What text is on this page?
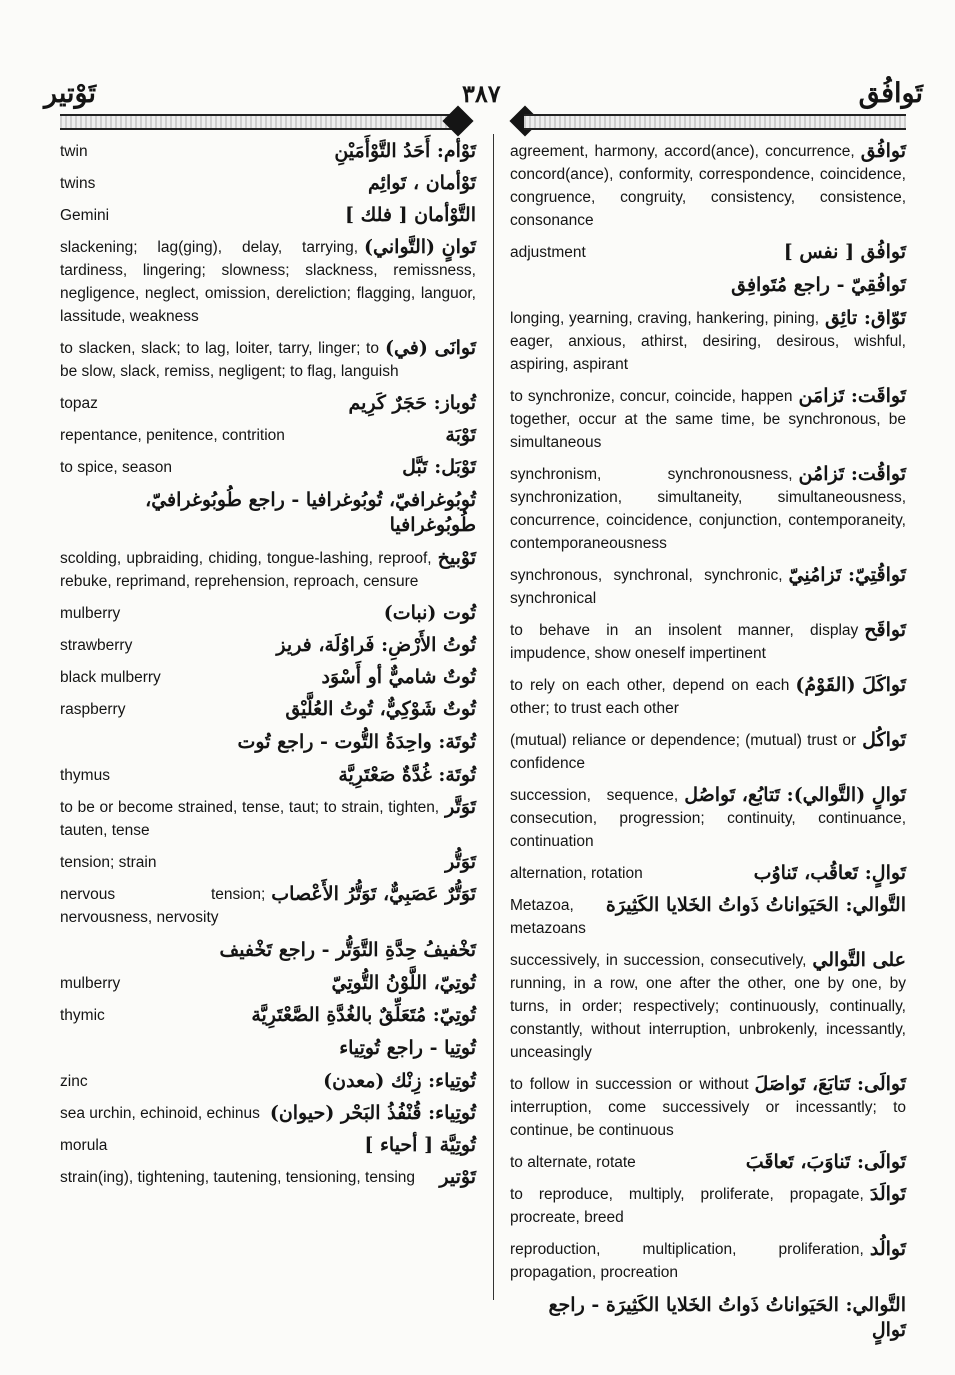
تَوْتير	٣٨٧	تَوافُق
تَوْأم: أَحَدُ التَّوْأَمَيْنِ
twin
تَوْأمان ، تَوائِم
twins
التَّوْأمان [ فلك ]
Gemini
تَوانٍ (التَّواني)
slackening; lag(ging), delay, tarrying, tardiness, lingering; slowness; slackness, remissness, negligence, neglect, omission, dereliction; flagging, languor, lassitude, weakness
تَوانَى (في)
to slacken, slack; to lag, loiter, tarry, linger; to be slow, slack, remiss, negligent; to flag, languish
تُوباز: حَجَرٌ كَرِيم
topaz
تَوْبَة
repentance, penitence, contrition
تَوْبَل: تَبَّل
to spice, season
تُوبُوغرافيّ، تُوبُوغرافيا - راجع طُوبُوغرافيّ، طُوبُوغرافيا
تَوْبيخ
scolding, upbraiding, chiding, tongue-lashing, reproof, rebuke, reprimand, reprehension, reproach, censure
تُوت (نبات)
mulberry
تُوتُ الأَرْضِ: فَراوُلَة، فريز
strawberry
تُوتٌ شاميٌّ أو أَسْوَد
black mulberry
تُوتٌ شَوْكِيٌّ، تُوتُ العُلَّيْق
raspberry
تُوتَة: واحِدَةُ التُّوت - راجع تُوت
تُوتَة: غُدَّةٌ صَعْتَرِيَّة
thymus
تَوَتَّر
to be or become strained, tense, taut; to strain, tighten, tauten, tense
تَوَتُّر
tension; strain
تَوَتُّرٌ عَصَبِيٌّ، تَوَتُّرُ الأَعْصاب
nervous tension; nervousness, nervosity
تَخْفيفُ حِدَّةِ التَّوَتُّر - راجع تَخْفيف
تُوتِيّ، اللَّوْنُ التُّوتِيّ
mulberry
تُوتِيّ: مُتَعَلِّقٌ بالغُدَّةِ الصَّعْتَرِيَّة
thymic
تُوتِيا - راجع تُوتِياء
تُوتِياء: زِنْك (معدن)
zinc
تُوتِياء: قُنْفُذُ البَحْر (حيوان)
sea urchin, echinoid, echinus
تُوتِيَّة [ أحياء ]
morula
تَوْتير
strain(ing), tightening, tautening, tensioning, tensing
تَوافُق
agreement, harmony, accord(ance), concurrence, concord(ance), conformity, correspondence, coincidence, congruence, congruity, consistency, consistence, consonance
تَوافُق [ نفس ]
adjustment
تَوافُقِيّ - راجع مُتَوافِق
تَوّاق: تائِق
longing, yearning, craving, hankering, pining, eager, anxious, athirst, desiring, desirous, wishful, aspiring, aspirant
تَواقَت: تَزامَن
to synchronize, concur, coincide, happen together, occur at the same time, be synchronous, be simultaneous
تَواقُت: تَزامُن
synchronism, synchronousness, synchronization, simultaneity, simultaneousness, concurrence, coincidence, conjunction, contemporaneity, contemporaneousness
تَواقُتِيّ: تَزامُنِيّ
synchronous, synchronal, synchronic, synchronical
تَواقَح
to behave in an insolent manner, display impudence, show oneself impertinent
تَواكَلَ (القَوْمُ)
to rely on each other, depend on each other; to trust each other
تَواكُل
(mutual) reliance or dependence; (mutual) trust or confidence
تَوالٍ (التَّوالي): تَتابُع، تَواصُل
succession, sequence, consecution, progression; continuity, continuance, continuation
تَوالٍ: تَعاقُب، تَناوُب
alternation, rotation
التَّوالي: الحَيَواناتُ ذَواتُ الخَلايا الكَثِيرَة
Metazoa, metazoans
على التَّوالي
successively, in succession, consecutively, running, in a row, one after the other, one by one, by turns, in order; respectively; continuously, continually, constantly, without interruption, unbrokenly, incessantly, unceasingly
تَوالَى: تَتابَعَ، تَواصَلَ
to follow in succession or without interruption, come successively or incessantly; to continue, be continuous
تَوالَى: تَناوَبَ، تَعاقَبَ
to alternate, rotate
تَوالَدَ
to reproduce, multiply, proliferate, propagate, procreate, breed
تَوالُد
reproduction, multiplication, proliferation, propagation, procreation
التَّوالي: الحَيَواناتُ ذَواتُ الخَلايا الكَثِيرَة - راجع تَوالٍ
